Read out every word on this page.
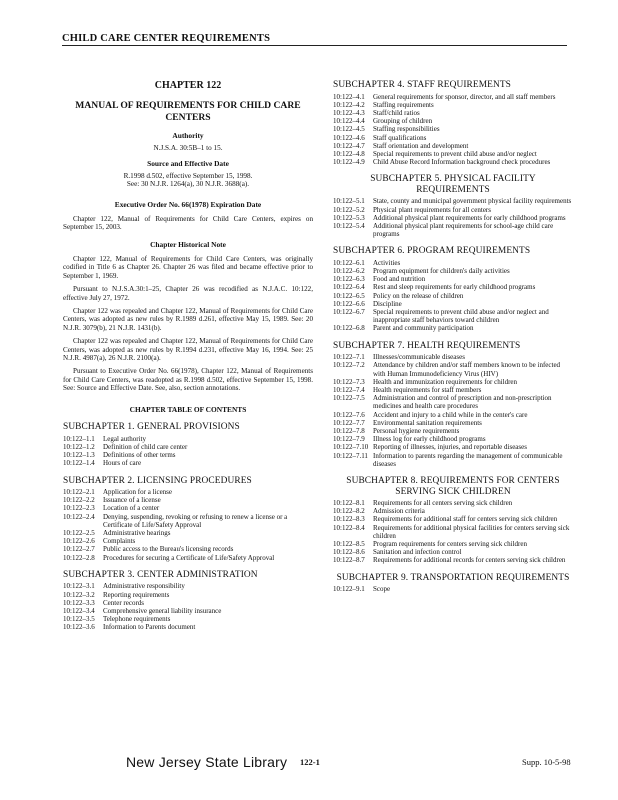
CHILD CARE CENTER REQUIREMENTS
CHAPTER 122
MANUAL OF REQUIREMENTS FOR CHILD CARE CENTERS
Authority
N.J.S.A. 30:5B–1 to 15.
Source and Effective Date
R.1998 d.502, effective September 15, 1998.
See: 30 N.J.R. 1264(a), 30 N.J.R. 3688(a).
Executive Order No. 66(1978) Expiration Date
Chapter 122, Manual of Requirements for Child Care Centers, expires on September 15, 2003.
Chapter Historical Note
Chapter 122, Manual of Requirements for Child Care Centers, was originally codified in Title 6 as Chapter 26. Chapter 26 was filed and became effective prior to September 1, 1969.
Pursuant to N.J.S.A.30:1–25, Chapter 26 was recodified as N.J.A.C. 10:122, effective July 27, 1972.
Chapter 122 was repealed and Chapter 122, Manual of Requirements for Child Care Centers, was adopted as new rules by R.1989 d.261, effective May 15, 1989. See: 20 N.J.R. 3079(b), 21 N.J.R. 1431(b).
Chapter 122 was repealed and Chapter 122, Manual of Requirements for Child Care Centers, was adopted as new rules by R.1994 d.231, effective May 16, 1994. See: 25 N.J.R. 4987(a), 26 N.J.R. 2100(a).
Pursuant to Executive Order No. 66(1978), Chapter 122, Manual of Requirements for Child Care Centers, was readopted as R.1998 d.502, effective September 15, 1998. See: Source and Effective Date. See, also, section annotations.
CHAPTER TABLE OF CONTENTS
SUBCHAPTER 1. GENERAL PROVISIONS
10:122–1.1	Legal authority
10:122–1.2	Definition of child care center
10:122–1.3	Definitions of other terms
10:122–1.4	Hours of care
SUBCHAPTER 2. LICENSING PROCEDURES
10:122–2.1	Application for a license
10:122–2.2	Issuance of a license
10:122–2.3	Location of a center
10:122–2.4	Denying, suspending, revoking or refusing to renew a license or a Certificate of Life/Safety Approval
10:122–2.5	Administrative hearings
10:122–2.6	Complaints
10:122–2.7	Public access to the Bureau's licensing records
10:122–2.8	Procedures for securing a Certificate of Life/Safety Approval
SUBCHAPTER 3. CENTER ADMINISTRATION
10:122–3.1	Administrative responsibility
10:122–3.2	Reporting requirements
10:122–3.3	Center records
10:122–3.4	Comprehensive general liability insurance
10:122–3.5	Telephone requirements
10:122–3.6	Information to Parents document
SUBCHAPTER 4. STAFF REQUIREMENTS
10:122–4.1	General requirements for sponsor, director, and all staff members
10:122–4.2	Staffing requirements
10:122–4.3	Staff/child ratios
10:122–4.4	Grouping of children
10:122–4.5	Staffing responsibilities
10:122–4.6	Staff qualifications
10:122–4.7	Staff orientation and development
10:122–4.8	Special requirements to prevent child abuse and/or neglect
10:122–4.9	Child Abuse Record Information background check procedures
SUBCHAPTER 5. PHYSICAL FACILITY REQUIREMENTS
10:122–5.1	State, county and municipal government physical facility requirements
10:122–5.2	Physical plant requirements for all centers
10:122–5.3	Additional physical plant requirements for early childhood programs
10:122–5.4	Additional physical plant requirements for school-age child care programs
SUBCHAPTER 6. PROGRAM REQUIREMENTS
10:122–6.1	Activities
10:122–6.2	Program equipment for children's daily activities
10:122–6.3	Food and nutrition
10:122–6.4	Rest and sleep requirements for early childhood programs
10:122–6.5	Policy on the release of children
10:122–6.6	Discipline
10:122–6.7	Special requirements to prevent child abuse and/or neglect and inappropriate staff behaviors toward children
10:122–6.8	Parent and community participation
SUBCHAPTER 7. HEALTH REQUIREMENTS
10:122–7.1	Illnesses/communicable diseases
10:122–7.2	Attendance by children and/or staff members known to be infected with Human Immunodeficiency Virus (HIV)
10:122–7.3	Health and immunization requirements for children
10:122–7.4	Health requirements for staff members
10:122–7.5	Administration and control of prescription and non-prescription medicines and health care procedures
10:122–7.6	Accident and injury to a child while in the center's care
10:122–7.7	Environmental sanitation requirements
10:122–7.8	Personal hygiene requirements
10:122–7.9	Illness log for early childhood programs
10:122–7.10 Reporting of illnesses, injuries, and reportable diseases
10:122–7.11 Information to parents regarding the management of communicable diseases
SUBCHAPTER 8. REQUIREMENTS FOR CENTERS SERVING SICK CHILDREN
10:122–8.1	Requirements for all centers serving sick children
10:122–8.2	Admission criteria
10:122–8.3	Requirements for additional staff for centers serving sick children
10:122–8.4	Requirements for additional physical facilities for centers serving sick children
10:122–8.5	Program requirements for centers serving sick children
10:122–8.6	Sanitation and infection control
10:122–8.7	Requirements for additional records for centers serving sick children
SUBCHAPTER 9. TRANSPORTATION REQUIREMENTS
10:122–9.1	Scope
New Jersey State Library 122-1	Supp. 10-5-98
